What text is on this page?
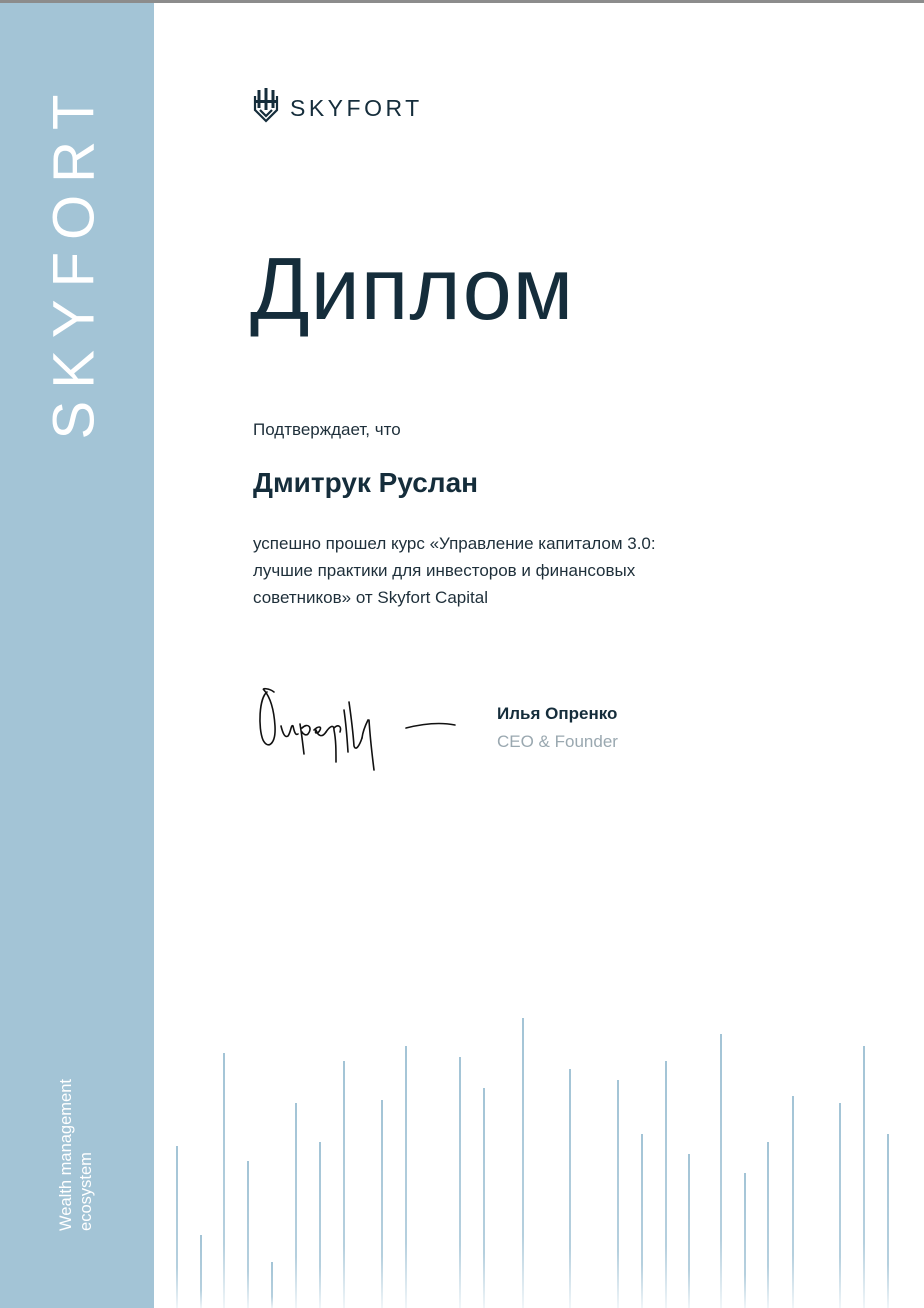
SKYFORT
Wealth management ecosystem
SKYFORT
Диплом
Подтверждает, что
Дмитрук Руслан
успешно прошел курс «Управление капиталом 3.0:
лучшие практики для инвесторов и финансовых
советников» от Skyfort Capital
Илья Опренко
CEO & Founder
